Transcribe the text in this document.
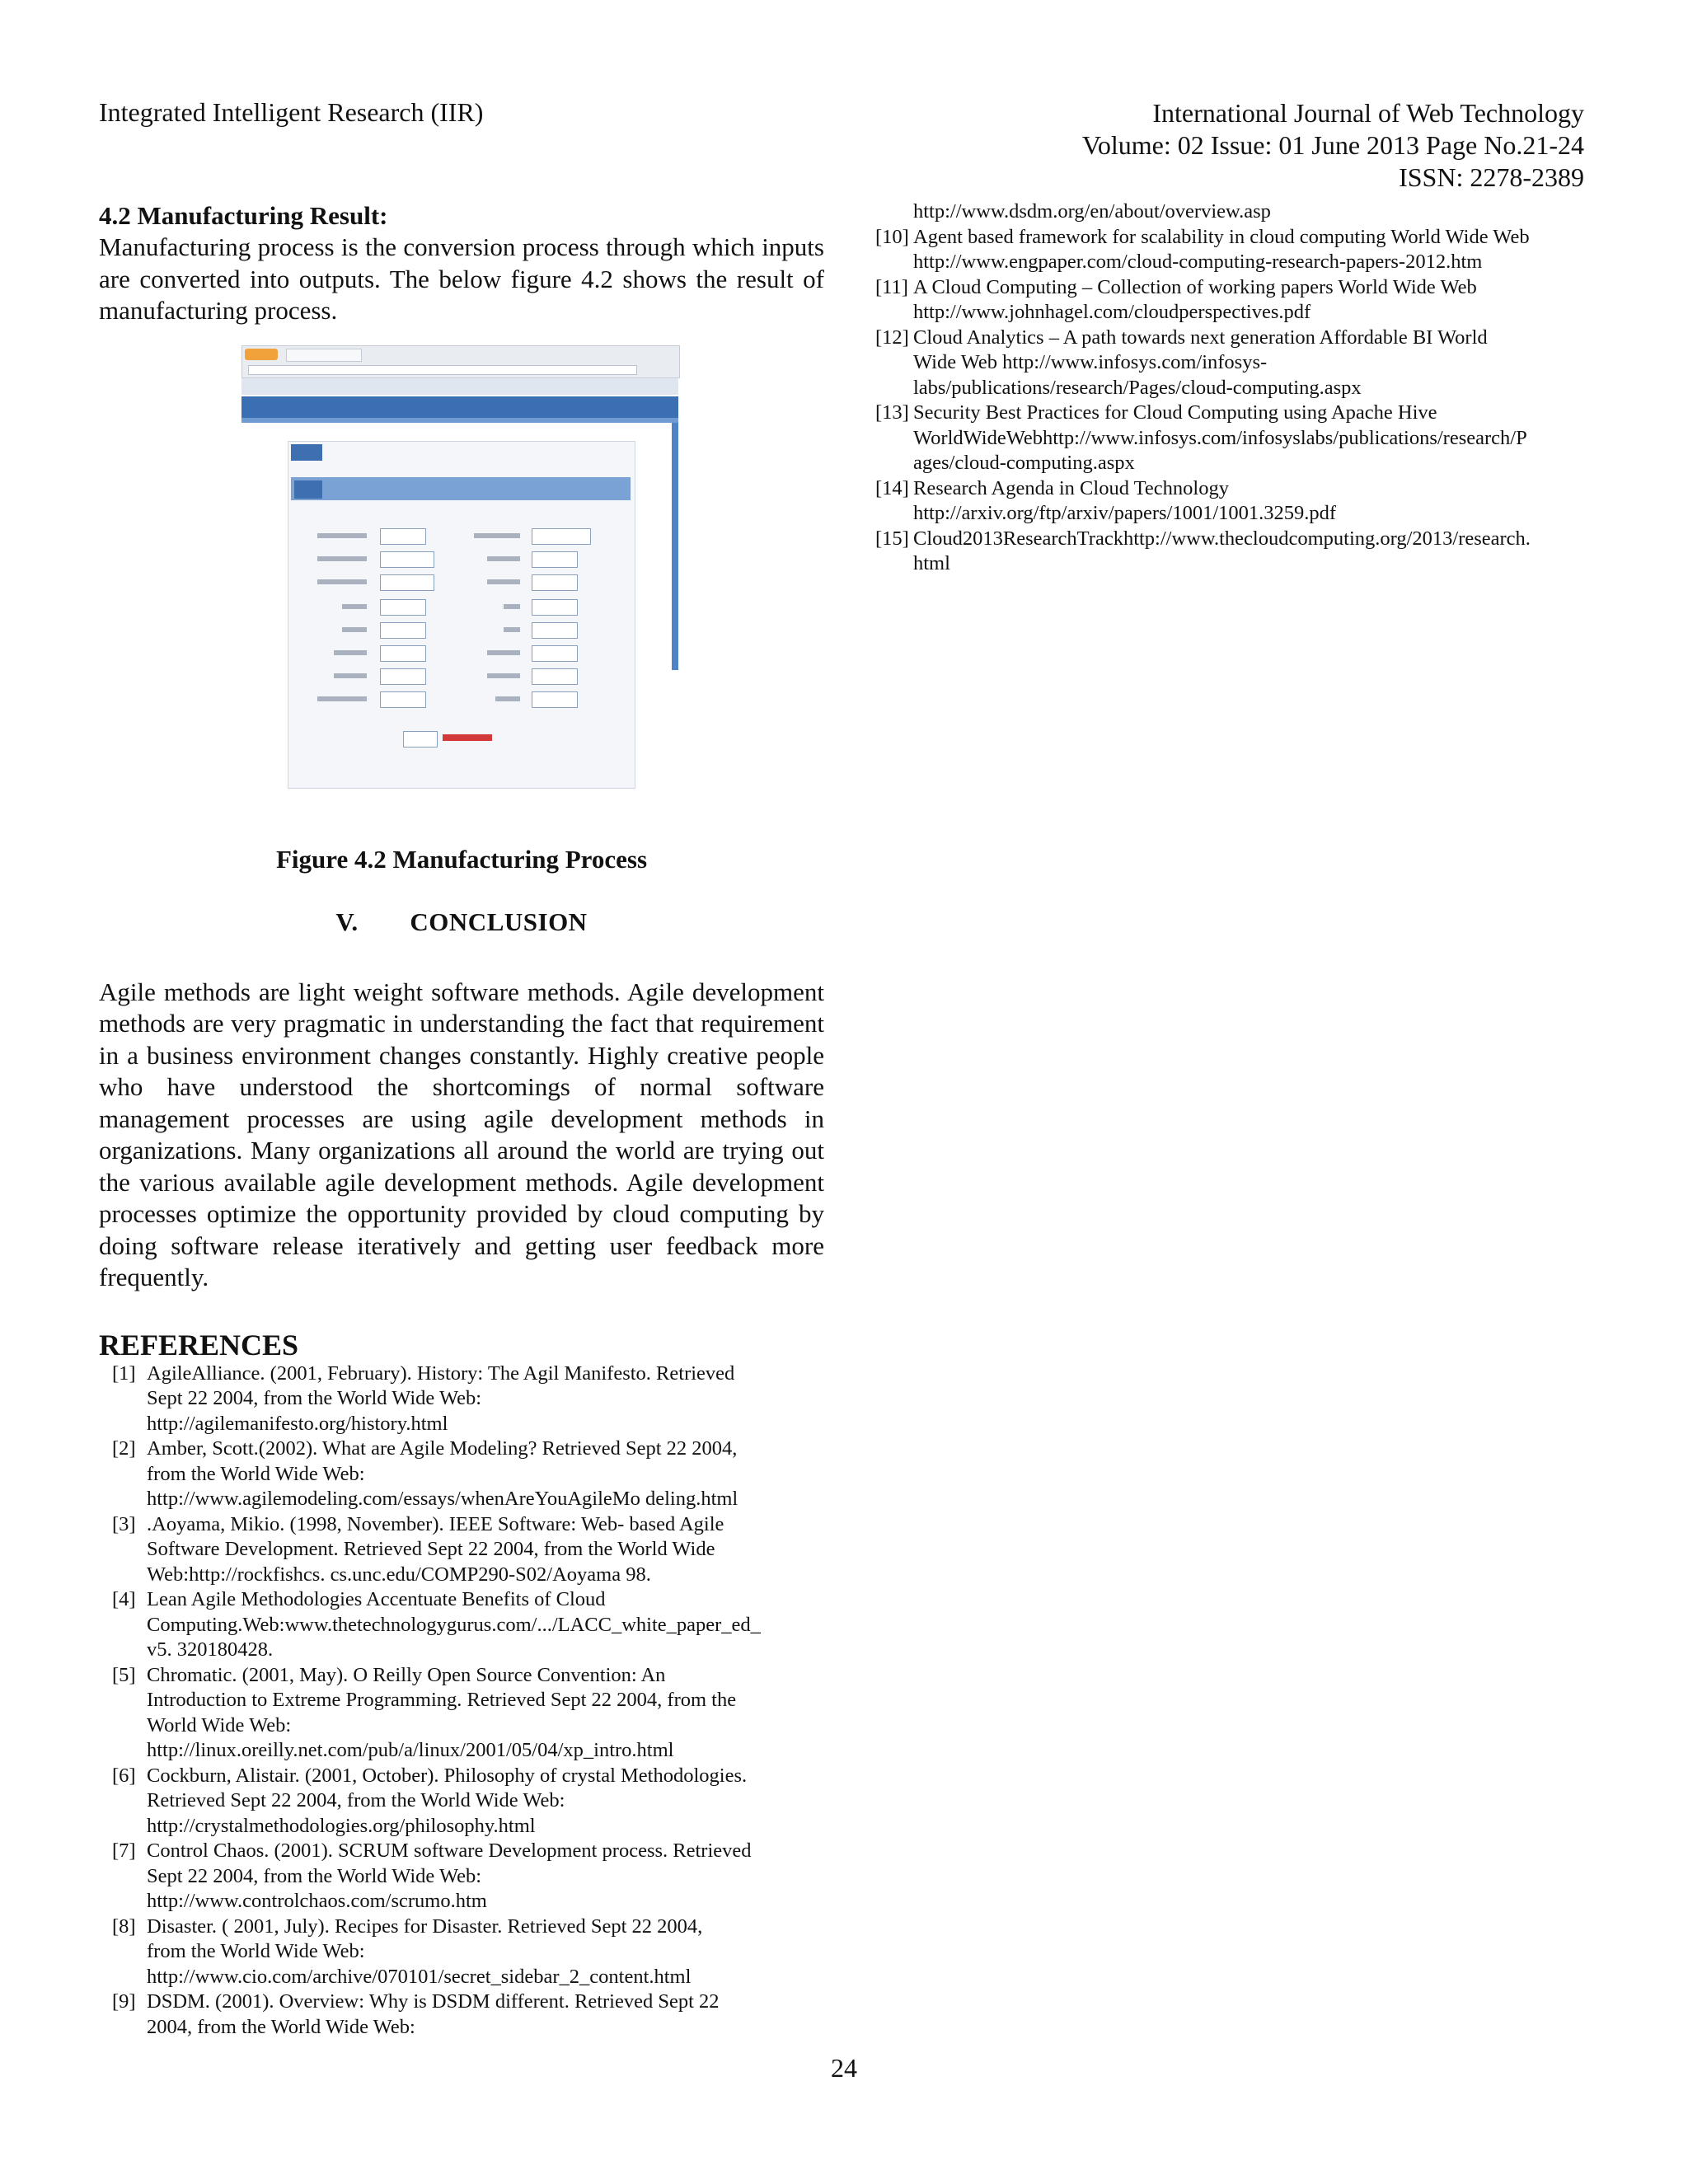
Integrated Intelligent Research (IIR)	International Journal of Web Technology
Volume: 02 Issue: 01 June 2013 Page No.21-24
ISSN: 2278-2389
4.2 Manufacturing Result:
Manufacturing process is the conversion process through which inputs are converted into outputs. The below figure 4.2 shows the result of manufacturing process.
Figure 4.2 Manufacturing Process
V. CONCLUSION
Agile methods are light weight software methods. Agile development methods are very pragmatic in understanding the fact that requirement in a business environment changes constantly. Highly creative people who have understood the shortcomings of normal software management processes are using agile development methods in organizations. Many organizations all around the world are trying out the various available agile development methods. Agile development processes optimize the opportunity provided by cloud computing by doing software release iteratively and getting user feedback more frequently.
REFERENCES
[1] AgileAlliance. (2001, February). History: The Agil Manifesto. Retrieved
Sept 22 2004, from the World Wide Web:
http://agilemanifesto.org/history.html
[2] Amber, Scott.(2002). What are Agile Modeling? Retrieved Sept 22 2004,
from the World Wide Web:
http://www.agilemodeling.com/essays/whenAreYouAgileMo deling.html
[3] .Aoyama, Mikio. (1998, November). IEEE Software: Web- based Agile
Software Development. Retrieved Sept 22 2004, from the World Wide
Web:http://rockfishcs. cs.unc.edu/COMP290-S02/Aoyama 98.
[4] Lean Agile Methodologies Accentuate Benefits of Cloud
Computing.Web:www.thetechnologygurus.com/.../LACC_white_paper_ed_
v5. 320180428.
[5] Chromatic. (2001, May). O Reilly Open Source Convention: An
Introduction to Extreme Programming. Retrieved Sept 22 2004, from the
World Wide Web:
http://linux.oreilly.net.com/pub/a/linux/2001/05/04/xp_intro.html
[6] Cockburn, Alistair. (2001, October). Philosophy of crystal Methodologies.
Retrieved Sept 22 2004, from the World Wide Web:
http://crystalmethodologies.org/philosophy.html
[7] Control Chaos. (2001). SCRUM software Development process. Retrieved
Sept 22 2004, from the World Wide Web:
http://www.controlchaos.com/scrumo.htm
[8] Disaster. ( 2001, July). Recipes for Disaster. Retrieved Sept 22 2004,
from the World Wide Web:
http://www.cio.com/archive/070101/secret_sidebar_2_content.html
[9] DSDM. (2001). Overview: Why is DSDM different. Retrieved Sept 22
2004, from the World Wide Web:
http://www.dsdm.org/en/about/overview.asp
[10] Agent based framework for scalability in cloud computing World Wide Web
http://www.engpaper.com/cloud-computing-research-papers-2012.htm
[11] A Cloud Computing – Collection of working papers World Wide Web
http://www.johnhagel.com/cloudperspectives.pdf
[12] Cloud Analytics – A path towards next generation Affordable BI World
Wide Web http://www.infosys.com/infosys-
labs/publications/research/Pages/cloud-computing.aspx
[13] Security Best Practices for Cloud Computing using Apache Hive
WorldWideWebhttp://www.infosys.com/infosyslabs/publications/research/P
ages/cloud-computing.aspx
[14] Research Agenda in Cloud Technology
http://arxiv.org/ftp/arxiv/papers/1001/1001.3259.pdf
[15] Cloud2013ResearchTrackhttp://www.thecloudcomputing.org/2013/research.
html
24
